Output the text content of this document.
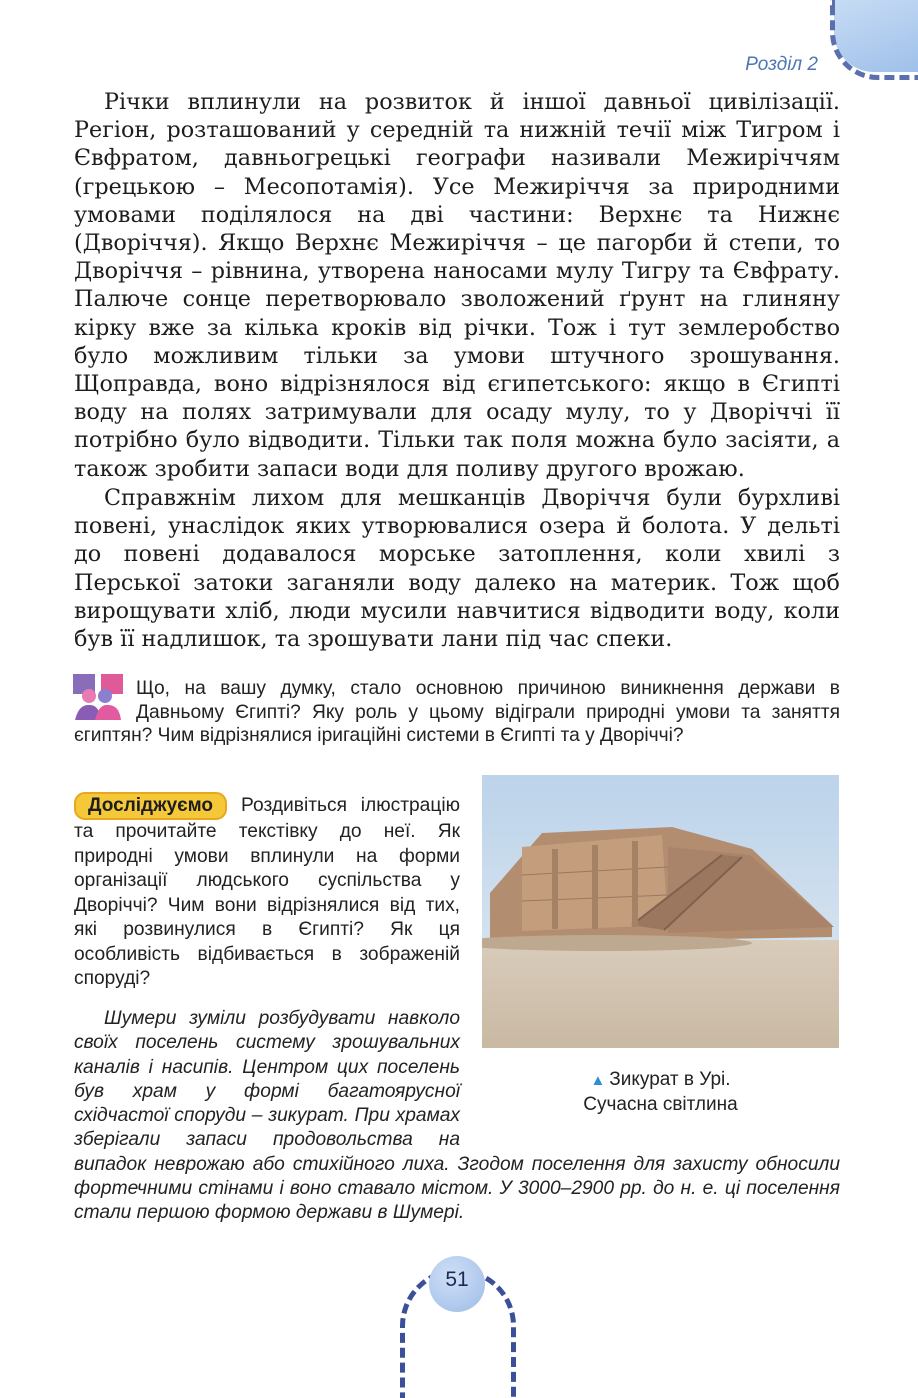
Розділ 2

Річки вплинули на розвиток й іншої давньої цивілізації. Регіон, розташований у середній та нижній течії між Тигром і Євфратом, давньогрецькі географи називали Межиріччям (грецькою – Месопотамія). Усе Межиріччя за природними умовами поділялося на дві частини: Верхнє та Нижнє (Дворіччя). Якщо Верхнє Межиріччя – це пагорби й степи, то Дворіччя – рівнина, утворена наносами мулу Тигру та Євфрату. Палюче сонце перетворювало зволожений ґрунт на глиняну кірку вже за кілька кроків від річки. Тож і тут землеробство було можливим тільки за умови штучного зрошування. Щоправда, воно відрізнялося від єгипетського: якщо в Єгипті воду на полях затримували для осаду мулу, то у Дворіччі її потрібно було відводити. Тільки так поля можна було засіяти, а також зробити запаси води для поливу другого врожаю.

Справжнім лихом для мешканців Дворіччя були бурхливі повені, унаслідок яких утворювалися озера й болота. У дельті до повені додавалося морське затоплення, коли хвилі з Перської затоки заганяли воду далеко на материк. Тож щоб вирощувати хліб, люди мусили навчитися відводити воду, коли був її надлишок, та зрошувати лани під час спеки.

Що, на вашу думку, стало основною причиною виникнення держави в Давньому Єгипті? Яку роль у цьому відіграли природні умови та заняття єгиптян? Чим відрізнялися іригаційні системи в Єгипті та у Дворіччі?

Досліджуємо Роздивіться ілюстрацію та прочитайте текстівку до неї. Як природні умови вплинули на форми організації людського суспільства у Дворіччі? Чим вони відрізнялися від тих, які розвинулися в Єгипті? Як ця особливість відбивається в зображеній споруді?

▲ Зикурат в Урі.
Сучасна світлина

Шумери зуміли розбудувати навколо своїх поселень систему зрошувальних каналів і насипів. Центром цих поселень був храм у формі багатоярусної східчастої споруди – зикурат. При храмах зберігали запаси продовольства на випадок неврожаю або стихійного лиха. Згодом поселення для захисту обносили фортечними стінами і воно ставало містом. У 3000–2900 рр. до н. е. ці поселення стали першою формою держави в Шумері.

51
